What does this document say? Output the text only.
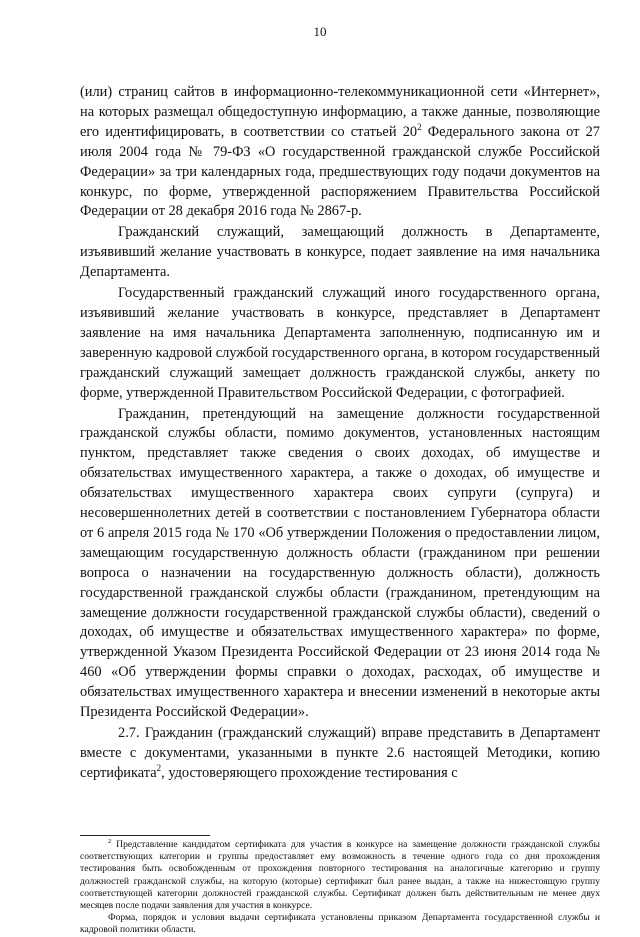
10

(или) страниц сайтов в информационно-телекоммуникационной сети «Интернет», на которых размещал общедоступную информацию, а также данные, позволяющие его идентифицировать, в соответствии со статьей $20^2$ Федерального закона от 27 июля 2004 года № 79-ФЗ «О государственной гражданской службе Российской Федерации» за три календарных года, предшествующих году подачи документов на конкурс, по форме, утвержденной распоряжением Правительства Российской Федерации от 28 декабря 2016 года № 2867-р.

Гражданский служащий, замещающий должность в Департаменте, изъявивший желание участвовать в конкурсе, подает заявление на имя начальника Департамента.

Государственный гражданский служащий иного государственного органа, изъявивший желание участвовать в конкурсе, представляет в Департамент заявление на имя начальника Департамента заполненную, подписанную им и заверенную кадровой службой государственного органа, в котором государственный гражданский служащий замещает должность гражданской службы, анкету по форме, утвержденной Правительством Российской Федерации, с фотографией.

Гражданин, претендующий на замещение должности государственной гражданской службы области, помимо документов, установленных настоящим пунктом, представляет также сведения о своих доходах, об имуществе и обязательствах имущественного характера, а также о доходах, об имуществе и обязательствах имущественного характера своих супруги (супруга) и несовершеннолетних детей в соответствии с постановлением Губернатора области от 6 апреля 2015 года № 170 «Об утверждении Положения о предоставлении лицом, замещающим государственную должность области (гражданином при решении вопроса о назначении на государственную должность области), должность государственной гражданской службы области (гражданином, претендующим на замещение должности государственной гражданской службы области), сведений о доходах, об имуществе и обязательствах имущественного характера» по форме, утвержденной Указом Президента Российской Федерации от 23 июня 2014 года № 460 «Об утверждении формы справки о доходах, расходах, об имуществе и обязательствах имущественного характера и внесении изменений в некоторые акты Президента Российской Федерации».

2.7. Гражданин (гражданский служащий) вправе представить в Департамент вместе с документами, указанными в пункте 2.6 настоящей Методики, копию сертификата$^2$, удостоверяющего прохождение тестирования с

$^2$ Представление кандидатом сертификата для участия в конкурсе на замещение должности гражданской службы соответствующих категории и группы предоставляет ему возможность в течение одного года со дня прохождения тестирования быть освобожденным от прохождения повторного тестирования на аналогичные категорию и группу должностей гражданской службы, на которую (которые) сертификат был ранее выдан, а также на нижестоящую группу соответствующей категории должностей гражданской службы. Сертификат должен быть действительным не менее двух месяцев после подачи заявления для участия в конкурсе.

Форма, порядок и условия выдачи сертификата установлены приказом Департамента государственной службы и кадровой политики области.
